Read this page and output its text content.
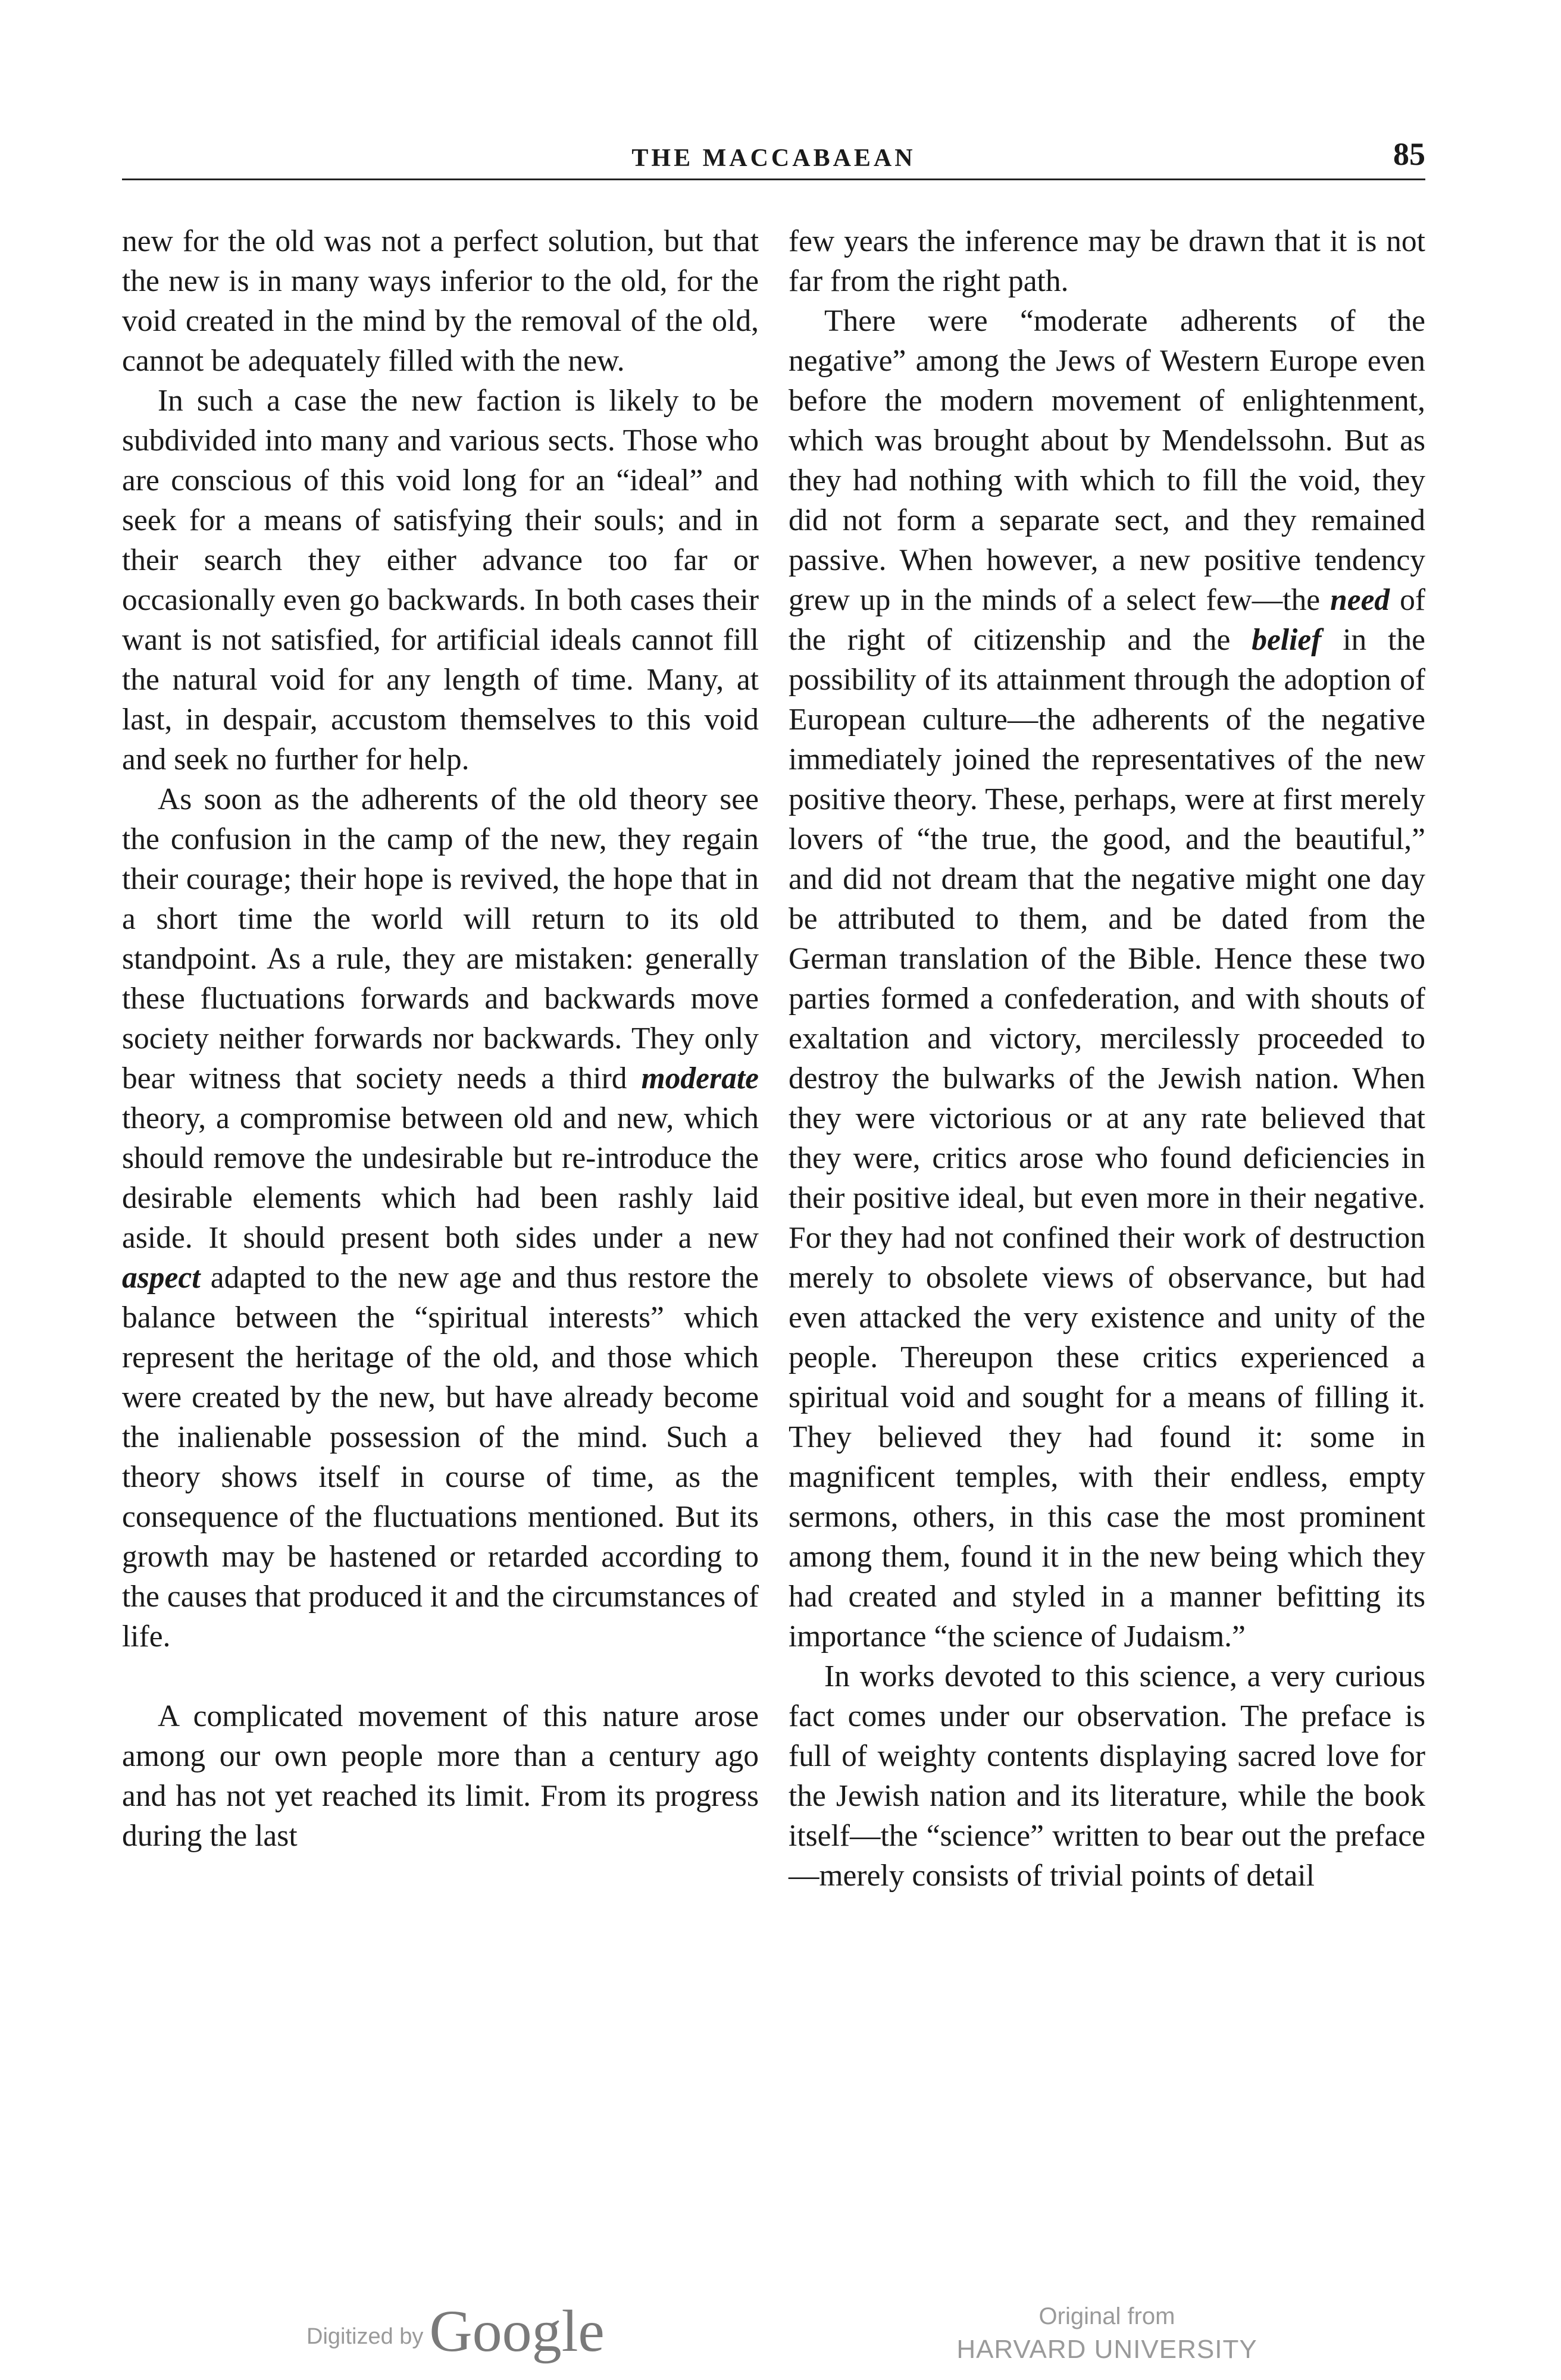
THE MACCABAEAN	85

new for the old was not a perfect solution, but that the new is in many ways inferior to the old, for the void created in the mind by the removal of the old, cannot be adequately filled with the new.

In such a case the new faction is likely to be subdivided into many and various sects. Those who are conscious of this void long for an “ideal” and seek for a means of satisfying their souls; and in their search they either advance too far or occasionally even go backwards. In both cases their want is not satisfied, for artificial ideals cannot fill the natural void for any length of time. Many, at last, in despair, accustom themselves to this void and seek no further for help.

As soon as the adherents of the old theory see the confusion in the camp of the new, they regain their courage; their hope is revived, the hope that in a short time the world will return to its old standpoint. As a rule, they are mistaken: generally these fluctuations forwards and backwards move society neither forwards nor backwards. They only bear witness that society needs a third moderate theory, a compromise between old and new, which should remove the undesirable but re-introduce the desirable elements which had been rashly laid aside. It should present both sides under a new aspect adapted to the new age and thus restore the balance between the “spiritual interests” which represent the heritage of the old, and those which were created by the new, but have already become the inalienable possession of the mind. Such a theory shows itself in course of time, as the consequence of the fluctuations mentioned. But its growth may be hastened or retarded according to the causes that produced it and the circumstances of life.

A complicated movement of this nature arose among our own people more than a century ago and has not yet reached its limit. From its progress during the last

few years the inference may be drawn that it is not far from the right path.

There were “moderate adherents of the negative” among the Jews of Western Europe even before the modern movement of enlightenment, which was brought about by Mendelssohn. But as they had nothing with which to fill the void, they did not form a separate sect, and they remained passive. When however, a new positive tendency grew up in the minds of a select few—the need of the right of citizenship and the belief in the possibility of its attainment through the adoption of European culture—the adherents of the negative immediately joined the representatives of the new positive theory. These, perhaps, were at first merely lovers of “the true, the good, and the beautiful,” and did not dream that the negative might one day be attributed to them, and be dated from the German translation of the Bible. Hence these two parties formed a confederation, and with shouts of exaltation and victory, mercilessly proceeded to destroy the bulwarks of the Jewish nation. When they were victorious or at any rate believed that they were, critics arose who found deficiencies in their positive ideal, but even more in their negative. For they had not confined their work of destruction merely to obsolete views of observance, but had even attacked the very existence and unity of the people. Thereupon these critics experienced a spiritual void and sought for a means of filling it. They believed they had found it: some in magnificent temples, with their endless, empty sermons, others, in this case the most prominent among them, found it in the new being which they had created and styled in a manner befitting its importance “the science of Judaism.”

In works devoted to this science, a very curious fact comes under our observation. The preface is full of weighty contents displaying sacred love for the Jewish nation and its literature, while the book itself—the “science” written to bear out the preface—merely consists of trivial points of detail

Digitized by Google	Original from
HARVARD UNIVERSITY
